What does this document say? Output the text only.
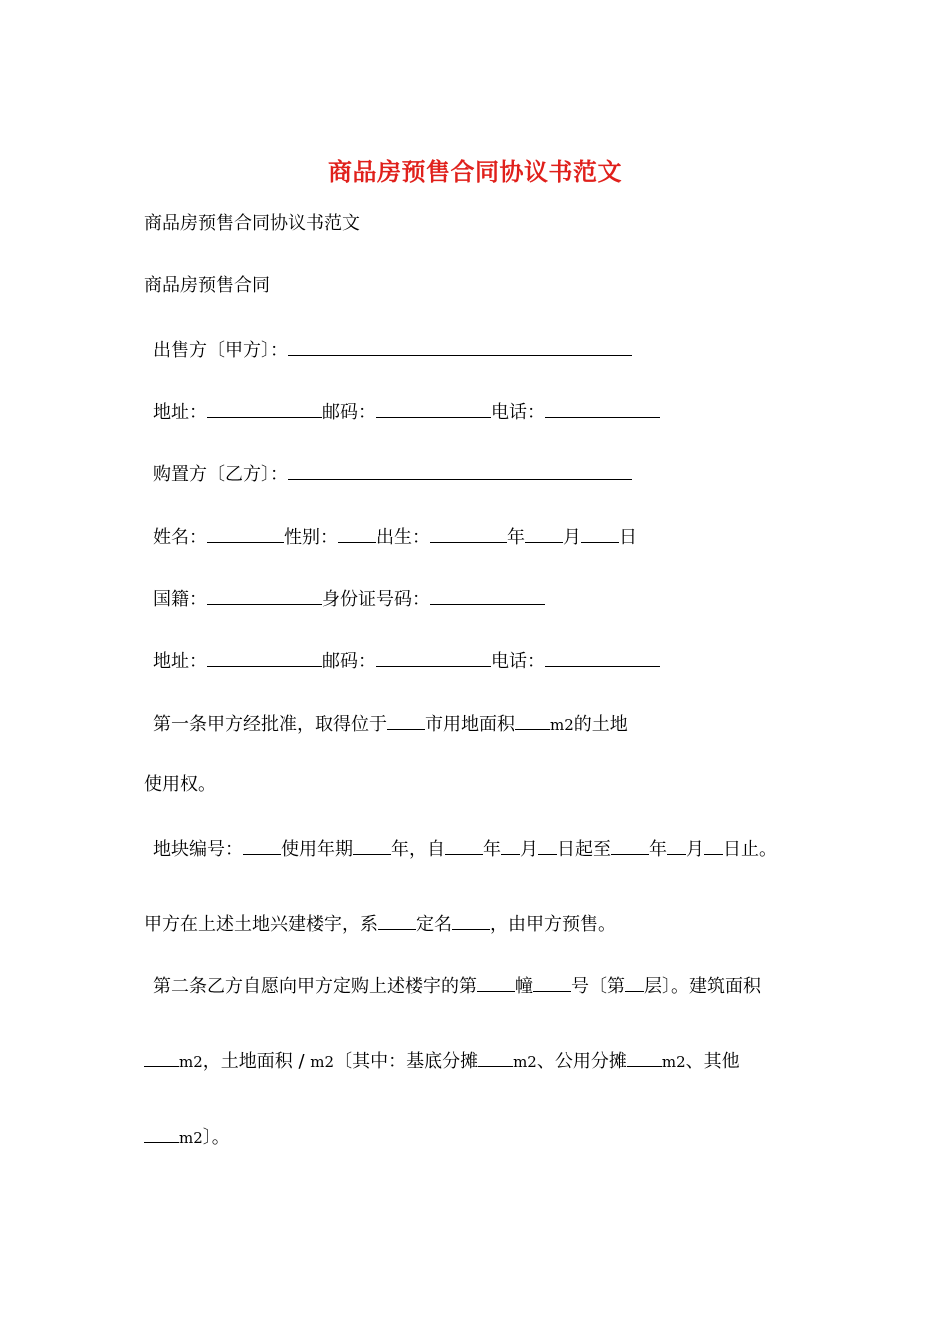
商品房预售合同协议书范文
商品房预售合同协议书范文
商品房预售合同
出售方〔甲方〕：
地址：	邮码：	电话：
购置方〔乙方〕：
姓名：	性别： 出生：	年 月 日
国籍：	身份证号码：
地址：	邮码：	电话：
第一条甲方经批准，取得位于 市用地面积 m2的土地
使用权。
地块编号： 使用年期 年，自 年 月 日起至 年 月 日止。
甲方在上述土地兴建楼宇，系 定名 ，由甲方预售。
第二条乙方自愿向甲方定购上述楼宇的第 幢 号〔第 层〕。建筑面积
m2，土地面积 / m2〔其中：基底分摊 m2、公用分摊 m2、其他
m2〕。
